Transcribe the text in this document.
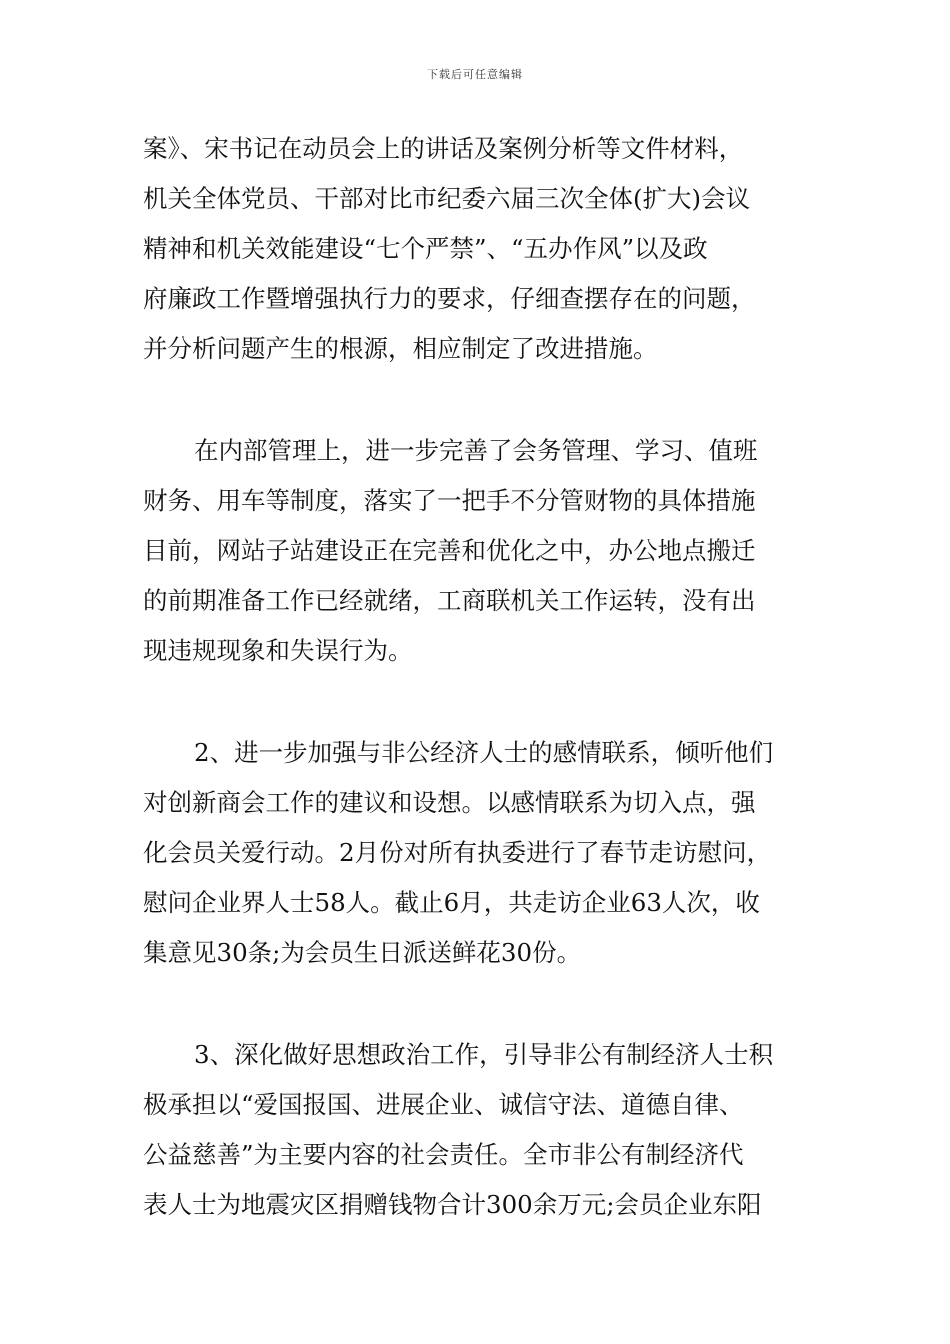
下载后可任意编辑

案》、宋书记在动员会上的讲话及案例分析等文件材料，
机关全体党员、干部对比市纪委六届三次全体(扩大)会议
精神和机关效能建设“七个严禁”、“五办作风”以及政
府廉政工作暨增强执行力的要求，仔细查摆存在的问题，
并分析问题产生的根源，相应制定了改进措施。

在内部管理上，进一步完善了会务管理、学习、值班
财务、用车等制度，落实了一把手不分管财物的具体措施
目前，网站子站建设正在完善和优化之中，办公地点搬迁
的前期准备工作已经就绪，工商联机关工作运转，没有出
现违规现象和失误行为。

2、进一步加强与非公经济人士的感情联系，倾听他们
对创新商会工作的建议和设想。以感情联系为切入点，强
化会员关爱行动。2月份对所有执委进行了春节走访慰问，
慰问企业界人士58人。截止6月，共走访企业63人次，收
集意见30条;为会员生日派送鲜花30份。

3、深化做好思想政治工作，引导非公有制经济人士积
极承担以“爱国报国、进展企业、诚信守法、道德自律、
公益慈善”为主要内容的社会责任。全市非公有制经济代
表人士为地震灾区捐赠钱物合计300余万元;会员企业东阳
